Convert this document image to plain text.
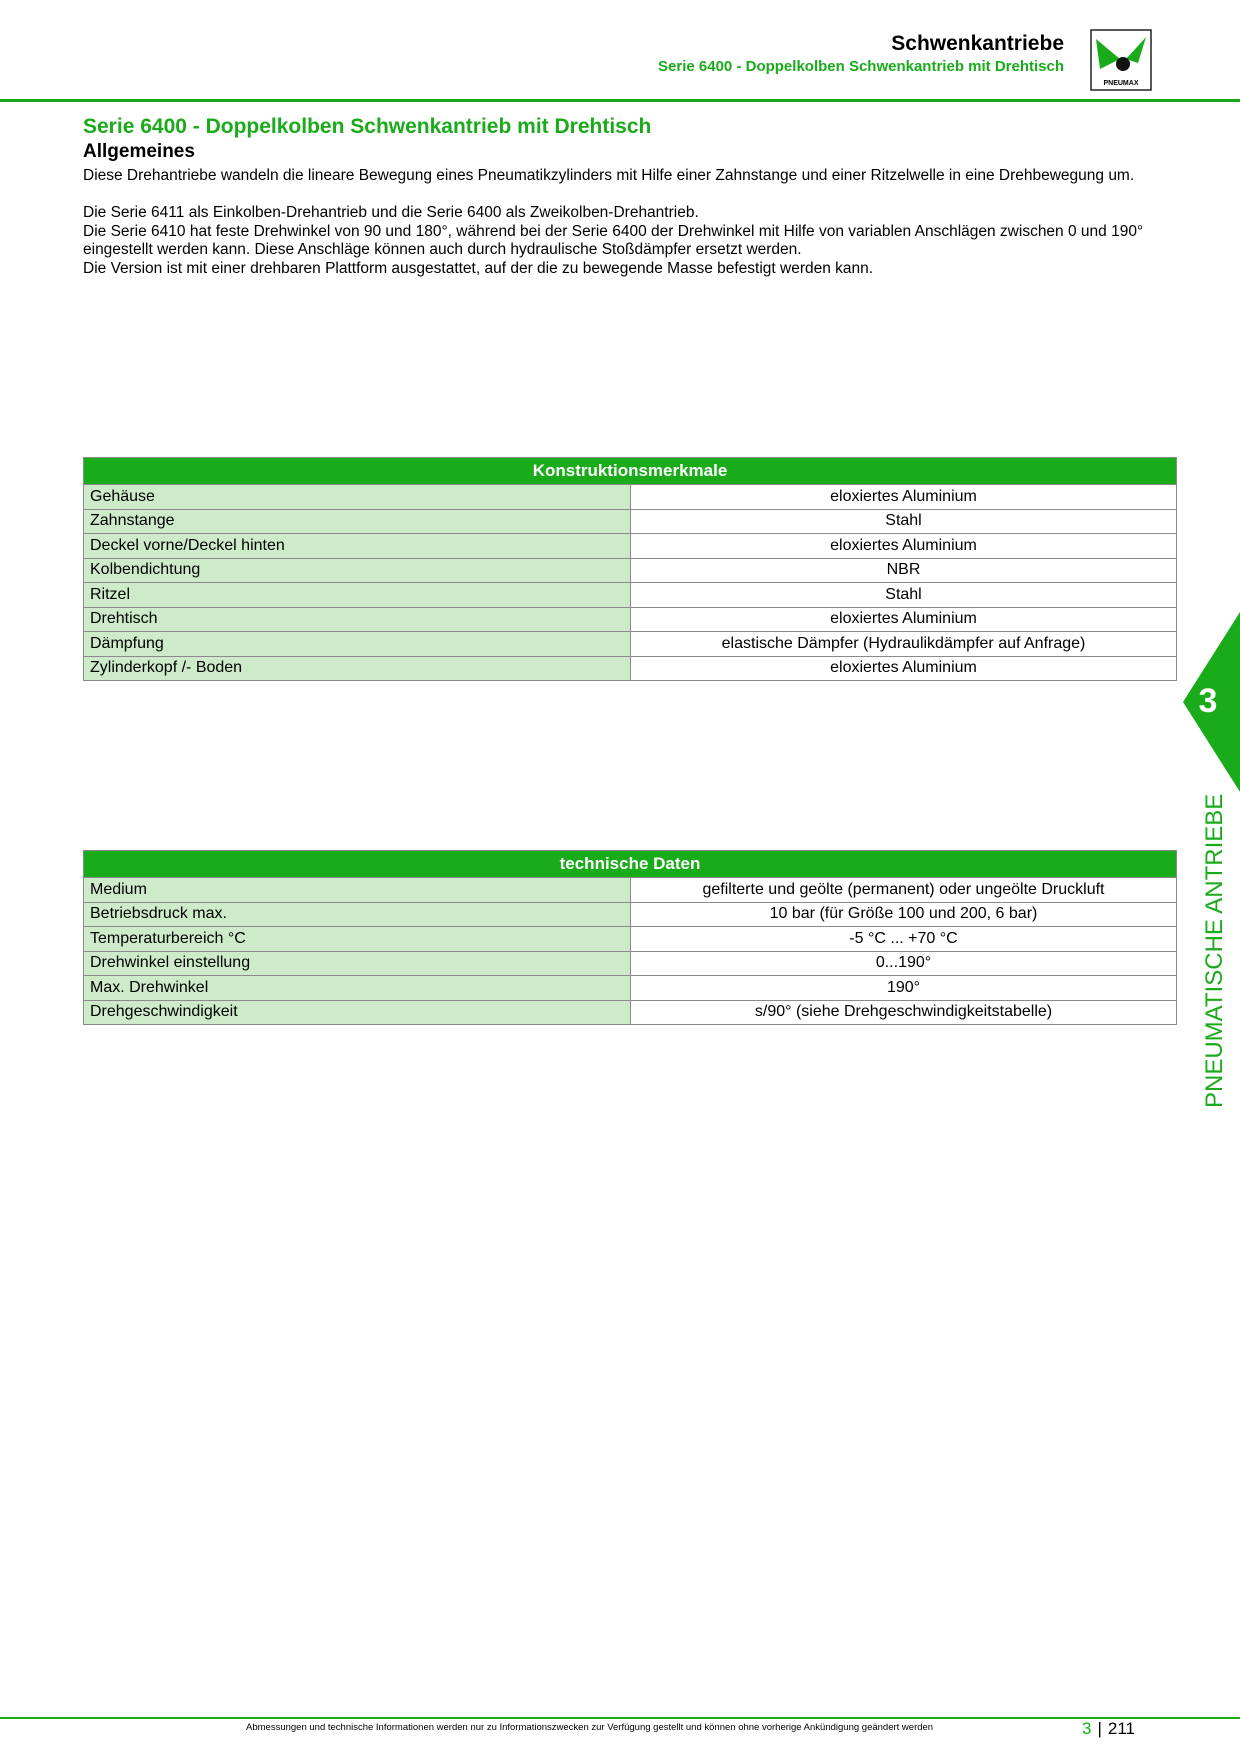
Schwenkantriebe
Serie 6400 - Doppelkolben Schwenkantrieb mit Drehtisch
PNEUMAX
Serie 6400 - Doppelkolben Schwenkantrieb mit Drehtisch
Allgemeines

Diese Drehantriebe wandeln die lineare Bewegung eines Pneumatikzylinders mit Hilfe einer Zahnstange und einer Ritzelwelle in eine Drehbewegung um.

Die Serie 6411 als Einkolben-Drehantrieb und die Serie 6400 als Zweikolben-Drehantrieb.

Die Serie 6410 hat feste Drehwinkel von 90 und 180°, während bei der Serie 6400 der Drehwinkel mit Hilfe von variablen Anschlägen zwischen 0 und 190° eingestellt werden kann. Diese Anschläge können auch durch hydraulische Stoßdämpfer ersetzt werden.

Die Version ist mit einer drehbaren Plattform ausgestattet, auf der die zu bewegende Masse befestigt werden kann.

Konstruktionsmerkmale	
Gehäuse	eloxiertes Aluminium
Zahnstange	Stahl
Deckel vorne/Deckel hinten	eloxiertes Aluminium
Kolbendichtung	NBR
Ritzel	Stahl
Drehtisch	eloxiertes Aluminium
Dämpfung	elastische Dämpfer (Hydraulikdämpfer auf Anfrage)
Zylinderkopf /- Boden	eloxiertes Aluminium
technische Daten	
Medium	gefilterte und geölte (permanent) oder ungeölte Druckluft
Betriebsdruck max.	10 bar (für Größe 100 und 200, 6 bar)
Temperaturbereich °C	-5 °C ... +70 °C
Drehwinkel einstellung	0...190°
Max. Drehwinkel	190°
Drehgeschwindigkeit	s/90° (siehe Drehgeschwindigkeitstabelle)
3
PNEUMATISCHE ANTRIEBE
Abmessungen und technische Informationen werden nur zu Informationszwecken zur Verfügung gestellt und können ohne vorherige Ankündigung geändert werden	3 | 211
